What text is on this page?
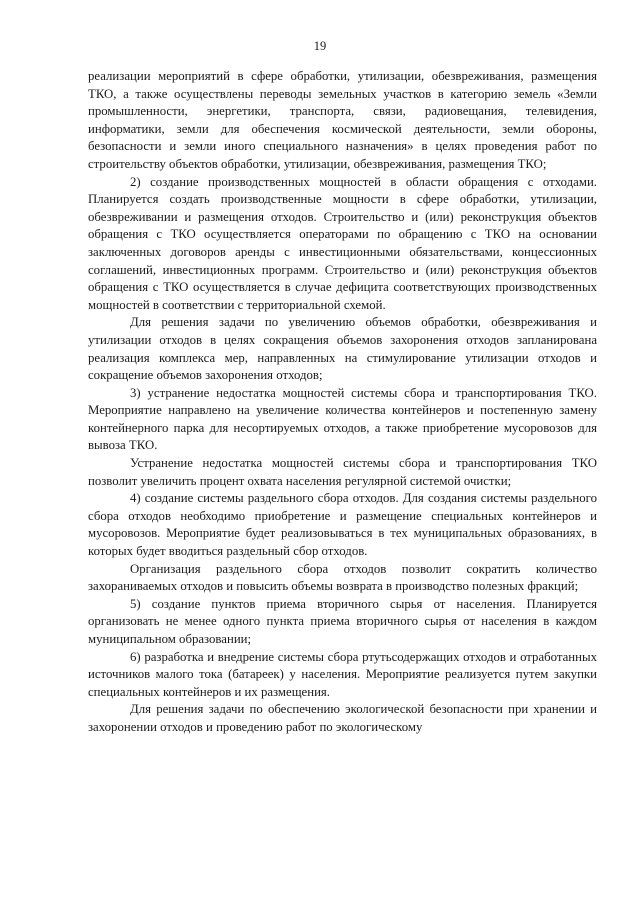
19

реализации мероприятий в сфере обработки, утилизации, обезвреживания, размещения ТКО, а также осуществлены переводы земельных участков в категорию земель «Земли промышленности, энергетики, транспорта, связи, радиовещания, телевидения, информатики, земли для обеспечения космической деятельности, земли обороны, безопасности и земли иного специального назначения» в целях проведения работ по строительству объектов обработки, утилизации, обезвреживания, размещения ТКО;

2) создание производственных мощностей в области обращения с отходами. Планируется создать производственные мощности в сфере обработки, утилизации, обезвреживании и размещения отходов. Строительство и (или) реконструкция объектов обращения с ТКО осуществляется операторами по обращению с ТКО на основании заключенных договоров аренды с инвестиционными обязательствами, концессионных соглашений, инвестиционных программ. Строительство и (или) реконструкция объектов обращения с ТКО осуществляется в случае дефицита соответствующих производственных мощностей в соответствии с территориальной схемой.

Для решения задачи по увеличению объемов обработки, обезвреживания и утилизации отходов в целях сокращения объемов захоронения отходов запланирована реализация комплекса мер, направленных на стимулирование утилизации отходов и сокращение объемов захоронения отходов;

3) устранение недостатка мощностей системы сбора и транспортирования ТКО. Мероприятие направлено на увеличение количества контейнеров и постепенную замену контейнерного парка для несортируемых отходов, а также приобретение мусоровозов для вывоза ТКО.

Устранение недостатка мощностей системы сбора и транспортирования ТКО позволит увеличить процент охвата населения регулярной системой очистки;

4) создание системы раздельного сбора отходов. Для создания системы раздельного сбора отходов необходимо приобретение и размещение специальных контейнеров и мусоровозов. Мероприятие будет реализовываться в тех муниципальных образованиях, в которых будет вводиться раздельный сбор отходов.

Организация раздельного сбора отходов позволит сократить количество захораниваемых отходов и повысить объемы возврата в производство полезных фракций;

5) создание пунктов приема вторичного сырья от населения. Планируется организовать не менее одного пункта приема вторичного сырья от населения в каждом муниципальном образовании;

6) разработка и внедрение системы сбора ртутьсодержащих отходов и отработанных источников малого тока (батареек) у населения. Мероприятие реализуется путем закупки специальных контейнеров и их размещения.

Для решения задачи по обеспечению экологической безопасности при хранении и захоронении отходов и проведению работ по экологическому
